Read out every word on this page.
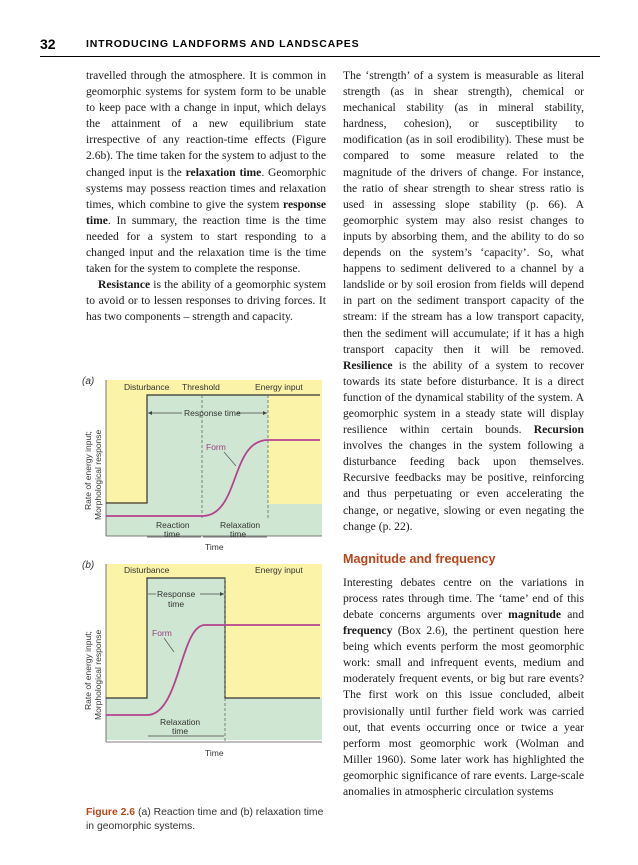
32	INTRODUCING LANDFORMS AND LANDSCAPES

travelled through the atmosphere. It is common in geomorphic systems for system form to be unable to keep pace with a change in input, which delays the attainment of a new equilibrium state irrespective of any reaction-time effects (Figure 2.6b). The time taken for the system to adjust to the changed input is the relaxation time. Geomorphic systems may possess reaction times and relaxation times, which combine to give the system response time. In summary, the reaction time is the time needed for a system to start responding to a changed input and the relaxation time is the time taken for the system to complete the response.

Resistance is the ability of a geomorphic system to avoid or to lessen responses to driving forces. It has two components – strength and capacity.

(a)	Disturbance Threshold	Energy input
Response time
Form
Reaction
time
Relaxation
time
Time
Rate of energy input; Morphological response
(b)	Disturbance	Energy input
Response
time
Form
Relaxation
time
Time
Rate of energy input; Morphological response
Figure 2.6 (a) Reaction time and (b) relaxation time in geomorphic systems.

The ‘strength’ of a system is measurable as literal strength (as in shear strength), chemical or mechanical stability (as in mineral stability, hardness, cohesion), or susceptibility to modification (as in soil erodibility). These must be compared to some measure related to the magnitude of the drivers of change. For instance, the ratio of shear strength to shear stress ratio is used in assessing slope stability (p. 66). A geomorphic system may also resist changes to inputs by absorbing them, and the ability to do so depends on the system’s ‘capacity’. So, what happens to sediment delivered to a channel by a landslide or by soil erosion from fields will depend in part on the sediment transport capacity of the stream: if the stream has a low transport capacity, then the sediment will accumulate; if it has a high transport capacity then it will be removed. Resilience is the ability of a system to recover towards its state before disturbance. It is a direct function of the dynamical stability of the system. A geomorphic system in a steady state will display resilience within certain bounds. Recursion involves the changes in the system following a disturbance feeding back upon themselves. Recursive feedbacks may be positive, reinforcing and thus perpetuating or even accelerating the change, or negative, slowing or even negating the change (p. 22).

Magnitude and frequency

Interesting debates centre on the variations in process rates through time. The ‘tame’ end of this debate concerns arguments over magnitude and frequency (Box 2.6), the pertinent question here being which events perform the most geomorphic work: small and infrequent events, medium and moderately frequent events, or big but rare events? The first work on this issue concluded, albeit provisionally until further field work was carried out, that events occurring once or twice a year perform most geomorphic work (Wolman and Miller 1960). Some later work has highlighted the geomorphic significance of rare events. Large-scale anomalies in atmospheric circulation systems
